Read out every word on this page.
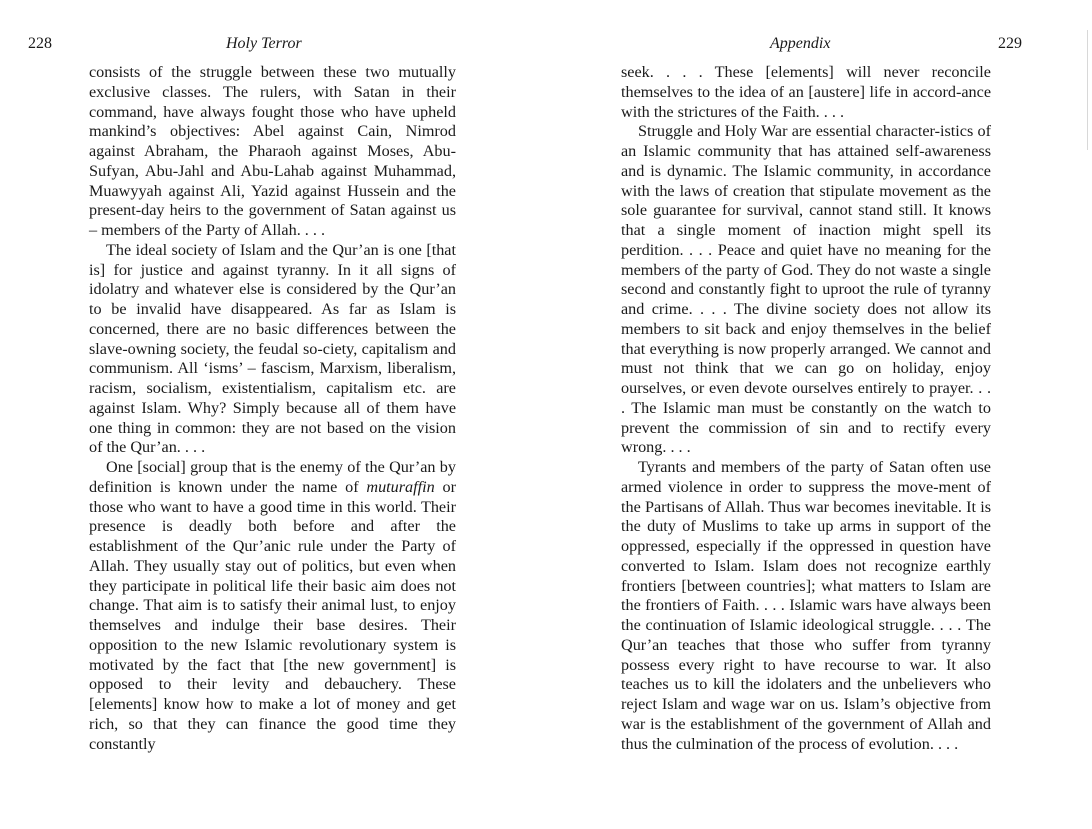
228	Holy Terror

consists of the struggle between these two mutually exclusive classes. The rulers, with Satan in their command, have always fought those who have upheld mankind’s objectives: Abel against Cain, Nimrod against Abraham, the Pharaoh against Moses, Abu-Sufyan, Abu-Jahl and Abu-Lahab against Muhammad, Muawyyah against Ali, Yazid against Hussein and the present-day heirs to the government of Satan against us – members of the Party of Allah. . . .

The ideal society of Islam and the Qur’an is one [that is] for justice and against tyranny. In it all signs of idolatry and whatever else is considered by the Qur’an to be invalid have disappeared. As far as Islam is concerned, there are no basic differences between the slave-owning society, the feudal so-ciety, capitalism and communism. All ‘isms’ – fascism, Marxism, liberalism, racism, socialism, existentialism, capitalism etc. are against Islam. Why? Simply because all of them have one thing in common: they are not based on the vision of the Qur’an. . . .

One [social] group that is the enemy of the Qur’an by definition is known under the name of muturaffin or those who want to have a good time in this world. Their presence is deadly both before and after the establishment of the Qur’anic rule under the Party of Allah. They usually stay out of politics, but even when they participate in political life their basic aim does not change. That aim is to satisfy their animal lust, to enjoy themselves and indulge their base desires. Their opposition to the new Islamic revolutionary system is motivated by the fact that [the new government] is opposed to their levity and debauchery. These [elements] know how to make a lot of money and get rich, so that they can finance the good time they constantly

Appendix	229

seek. . . . These [elements] will never reconcile themselves to the idea of an [austere] life in accord-ance with the strictures of the Faith. . . .

Struggle and Holy War are essential character-istics of an Islamic community that has attained self-awareness and is dynamic. The Islamic community, in accordance with the laws of creation that stipulate movement as the sole guarantee for survival, cannot stand still. It knows that a single moment of inaction might spell its perdition. . . . Peace and quiet have no meaning for the members of the party of God. They do not waste a single second and constantly fight to uproot the rule of tyranny and crime. . . . The divine society does not allow its members to sit back and enjoy themselves in the belief that everything is now properly arranged. We cannot and must not think that we can go on holiday, enjoy ourselves, or even devote ourselves entirely to prayer. . . . The Islamic man must be constantly on the watch to prevent the commission of sin and to rectify every wrong. . . .

Tyrants and members of the party of Satan often use armed violence in order to suppress the move-ment of the Partisans of Allah. Thus war becomes inevitable. It is the duty of Muslims to take up arms in support of the oppressed, especially if the oppressed in question have converted to Islam. Islam does not recognize earthly frontiers [between countries]; what matters to Islam are the frontiers of Faith. . . . Islamic wars have always been the continuation of Islamic ideological struggle. . . . The Qur’an teaches that those who suffer from tyranny possess every right to have recourse to war. It also teaches us to kill the idolaters and the unbelievers who reject Islam and wage war on us. Islam’s objective from war is the establishment of the government of Allah and thus the culmination of the process of evolution. . . .
